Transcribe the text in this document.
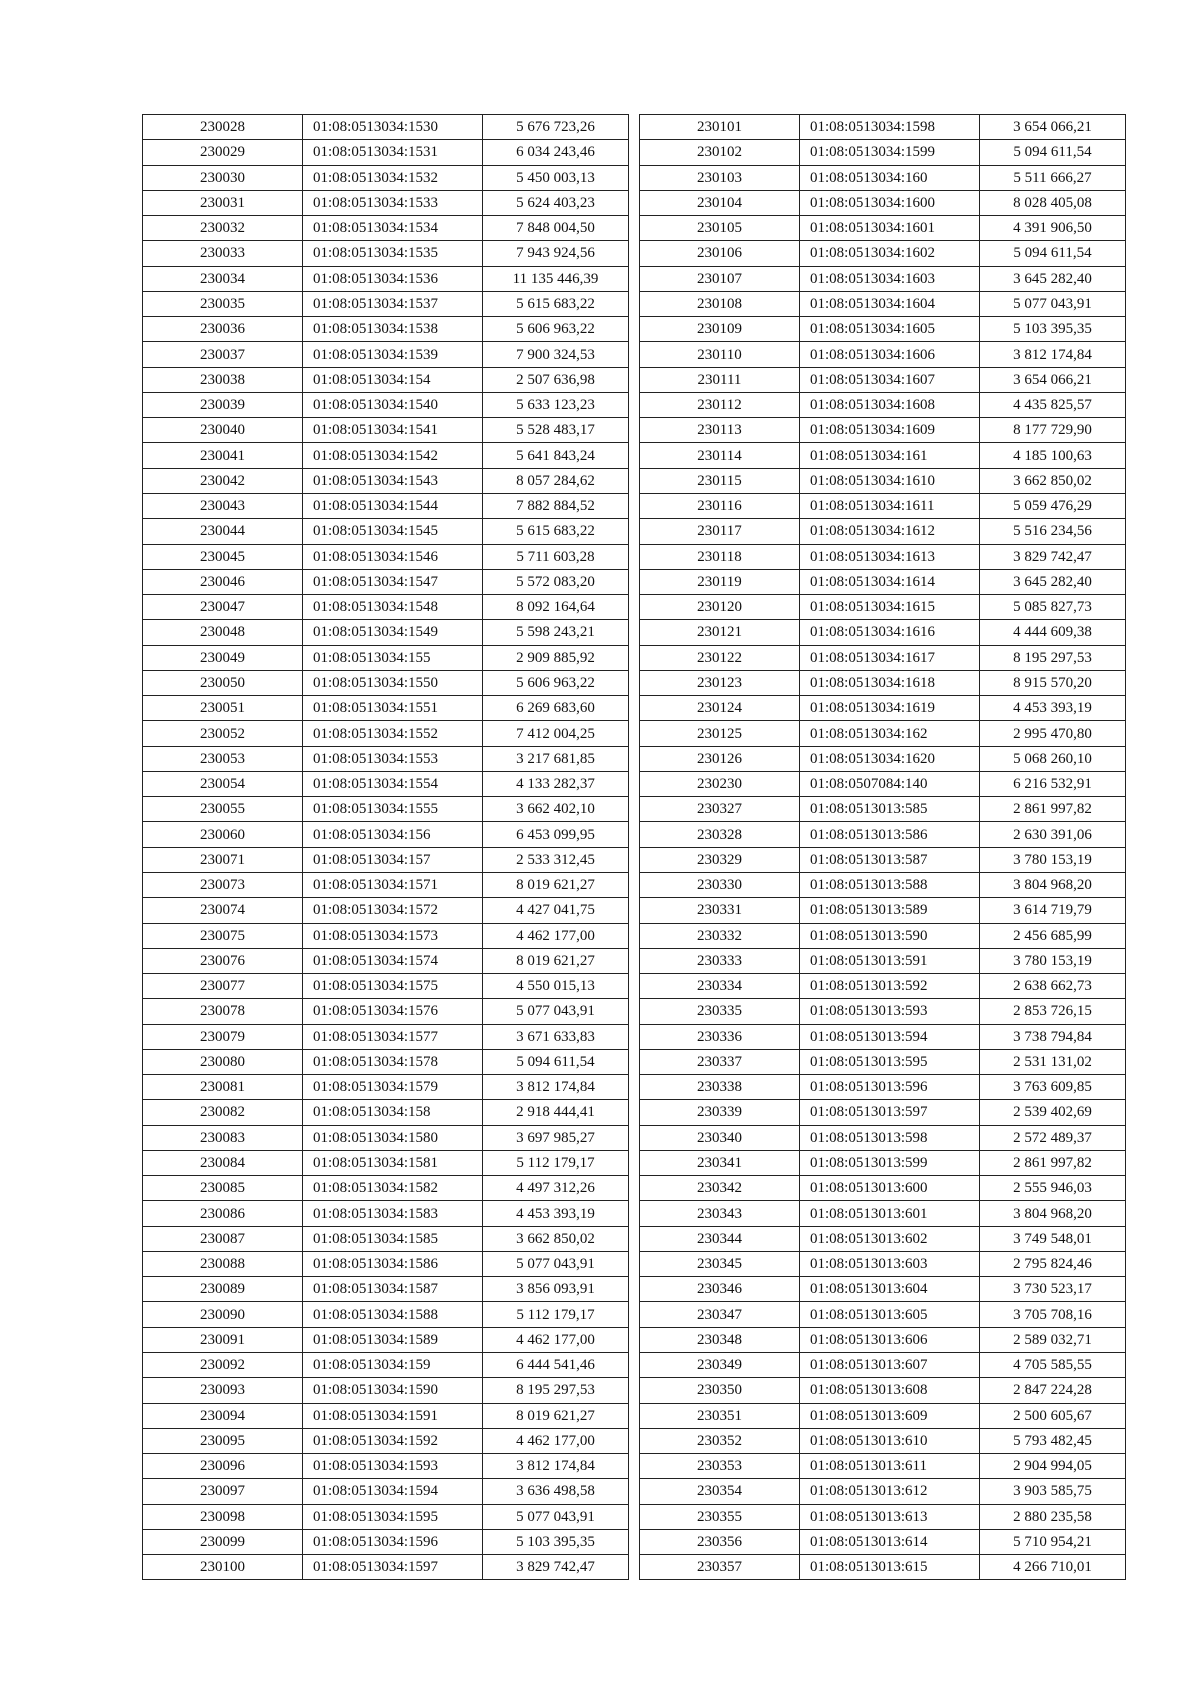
230028	01:08:0513034:1530	5 676 723,26
230029	01:08:0513034:1531	6 034 243,46
230030	01:08:0513034:1532	5 450 003,13
230031	01:08:0513034:1533	5 624 403,23
230032	01:08:0513034:1534	7 848 004,50
230033	01:08:0513034:1535	7 943 924,56
230034	01:08:0513034:1536	11 135 446,39
230035	01:08:0513034:1537	5 615 683,22
230036	01:08:0513034:1538	5 606 963,22
230037	01:08:0513034:1539	7 900 324,53
230038	01:08:0513034:154	2 507 636,98
230039	01:08:0513034:1540	5 633 123,23
230040	01:08:0513034:1541	5 528 483,17
230041	01:08:0513034:1542	5 641 843,24
230042	01:08:0513034:1543	8 057 284,62
230043	01:08:0513034:1544	7 882 884,52
230044	01:08:0513034:1545	5 615 683,22
230045	01:08:0513034:1546	5 711 603,28
230046	01:08:0513034:1547	5 572 083,20
230047	01:08:0513034:1548	8 092 164,64
230048	01:08:0513034:1549	5 598 243,21
230049	01:08:0513034:155	2 909 885,92
230050	01:08:0513034:1550	5 606 963,22
230051	01:08:0513034:1551	6 269 683,60
230052	01:08:0513034:1552	7 412 004,25
230053	01:08:0513034:1553	3 217 681,85
230054	01:08:0513034:1554	4 133 282,37
230055	01:08:0513034:1555	3 662 402,10
230060	01:08:0513034:156	6 453 099,95
230071	01:08:0513034:157	2 533 312,45
230073	01:08:0513034:1571	8 019 621,27
230074	01:08:0513034:1572	4 427 041,75
230075	01:08:0513034:1573	4 462 177,00
230076	01:08:0513034:1574	8 019 621,27
230077	01:08:0513034:1575	4 550 015,13
230078	01:08:0513034:1576	5 077 043,91
230079	01:08:0513034:1577	3 671 633,83
230080	01:08:0513034:1578	5 094 611,54
230081	01:08:0513034:1579	3 812 174,84
230082	01:08:0513034:158	2 918 444,41
230083	01:08:0513034:1580	3 697 985,27
230084	01:08:0513034:1581	5 112 179,17
230085	01:08:0513034:1582	4 497 312,26
230086	01:08:0513034:1583	4 453 393,19
230087	01:08:0513034:1585	3 662 850,02
230088	01:08:0513034:1586	5 077 043,91
230089	01:08:0513034:1587	3 856 093,91
230090	01:08:0513034:1588	5 112 179,17
230091	01:08:0513034:1589	4 462 177,00
230092	01:08:0513034:159	6 444 541,46
230093	01:08:0513034:1590	8 195 297,53
230094	01:08:0513034:1591	8 019 621,27
230095	01:08:0513034:1592	4 462 177,00
230096	01:08:0513034:1593	3 812 174,84
230097	01:08:0513034:1594	3 636 498,58
230098	01:08:0513034:1595	5 077 043,91
230099	01:08:0513034:1596	5 103 395,35
230100	01:08:0513034:1597	3 829 742,47
230101	01:08:0513034:1598	3 654 066,21
230102	01:08:0513034:1599	5 094 611,54
230103	01:08:0513034:160	5 511 666,27
230104	01:08:0513034:1600	8 028 405,08
230105	01:08:0513034:1601	4 391 906,50
230106	01:08:0513034:1602	5 094 611,54
230107	01:08:0513034:1603	3 645 282,40
230108	01:08:0513034:1604	5 077 043,91
230109	01:08:0513034:1605	5 103 395,35
230110	01:08:0513034:1606	3 812 174,84
230111	01:08:0513034:1607	3 654 066,21
230112	01:08:0513034:1608	4 435 825,57
230113	01:08:0513034:1609	8 177 729,90
230114	01:08:0513034:161	4 185 100,63
230115	01:08:0513034:1610	3 662 850,02
230116	01:08:0513034:1611	5 059 476,29
230117	01:08:0513034:1612	5 516 234,56
230118	01:08:0513034:1613	3 829 742,47
230119	01:08:0513034:1614	3 645 282,40
230120	01:08:0513034:1615	5 085 827,73
230121	01:08:0513034:1616	4 444 609,38
230122	01:08:0513034:1617	8 195 297,53
230123	01:08:0513034:1618	8 915 570,20
230124	01:08:0513034:1619	4 453 393,19
230125	01:08:0513034:162	2 995 470,80
230126	01:08:0513034:1620	5 068 260,10
230230	01:08:0507084:140	6 216 532,91
230327	01:08:0513013:585	2 861 997,82
230328	01:08:0513013:586	2 630 391,06
230329	01:08:0513013:587	3 780 153,19
230330	01:08:0513013:588	3 804 968,20
230331	01:08:0513013:589	3 614 719,79
230332	01:08:0513013:590	2 456 685,99
230333	01:08:0513013:591	3 780 153,19
230334	01:08:0513013:592	2 638 662,73
230335	01:08:0513013:593	2 853 726,15
230336	01:08:0513013:594	3 738 794,84
230337	01:08:0513013:595	2 531 131,02
230338	01:08:0513013:596	3 763 609,85
230339	01:08:0513013:597	2 539 402,69
230340	01:08:0513013:598	2 572 489,37
230341	01:08:0513013:599	2 861 997,82
230342	01:08:0513013:600	2 555 946,03
230343	01:08:0513013:601	3 804 968,20
230344	01:08:0513013:602	3 749 548,01
230345	01:08:0513013:603	2 795 824,46
230346	01:08:0513013:604	3 730 523,17
230347	01:08:0513013:605	3 705 708,16
230348	01:08:0513013:606	2 589 032,71
230349	01:08:0513013:607	4 705 585,55
230350	01:08:0513013:608	2 847 224,28
230351	01:08:0513013:609	2 500 605,67
230352	01:08:0513013:610	5 793 482,45
230353	01:08:0513013:611	2 904 994,05
230354	01:08:0513013:612	3 903 585,75
230355	01:08:0513013:613	2 880 235,58
230356	01:08:0513013:614	5 710 954,21
230357	01:08:0513013:615	4 266 710,01
